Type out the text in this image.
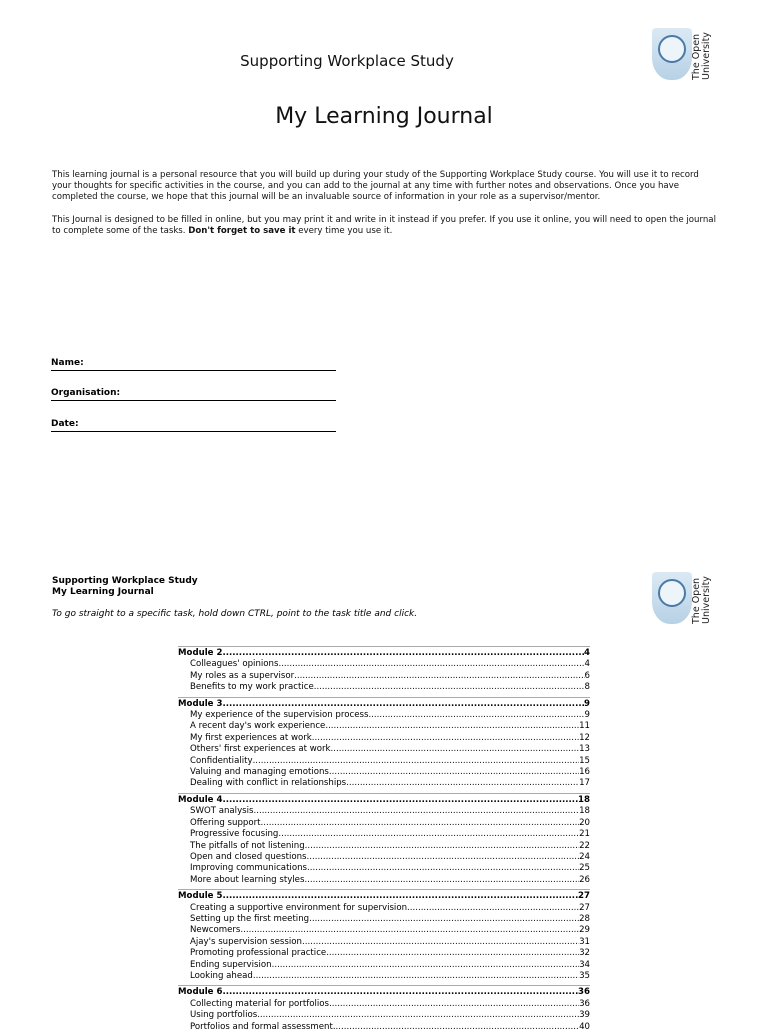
Supporting Workplace Study
My Learning Journal
The Open
University

This learning journal is a personal resource that you will build up during your study of the Supporting Workplace Study course. You will use it to record your thoughts for specific activities in the course, and you can add to the journal at any time with further notes and observations. Once you have completed the course, we hope that this journal will be an invaluable source of information in your role as a supervisor/mentor.

This Journal is designed to be filled in online, but you may print it and write in it instead if you prefer. If you use it online, you will need to open the journal to complete some of the tasks. Don't forget to save it every time you use it.

Name:
Organisation:
Date:
Supporting Workplace Study
My Learning Journal	The Open
University
To go straight to a specific task, hold down CTRL, point to the task title and click.
Module 2 .....	4
Colleagues' opinions .....	4
My roles as a supervisor .....	6
Benefits to my work practice .....	8
Module 3 .....	9
My experience of the supervision process .....	9
A recent day's work experience .....	11
My first experiences at work .....	12
Others' first experiences at work .....	13
Confidentiality .....	15
Valuing and managing emotions .....	16
Dealing with conflict in relationships .....	17
Module 4 .....	18
SWOT analysis .....	18
Offering support .....	20
Progressive focusing .....	21
The pitfalls of not listening .....	22
Open and closed questions .....	24
Improving communications .....	25
More about learning styles .....	26
Module 5 .....	27
Creating a supportive environment for supervision .....	27
Setting up the first meeting .....	28
Newcomers .....	29
Ajay's supervision session .....	31
Promoting professional practice .....	32
Ending supervision .....	34
Looking ahead .....	35
Module 6 .....	36
Collecting material for portfolios .....	36
Using portfolios .....	39
Portfolios and formal assessment .....	40
